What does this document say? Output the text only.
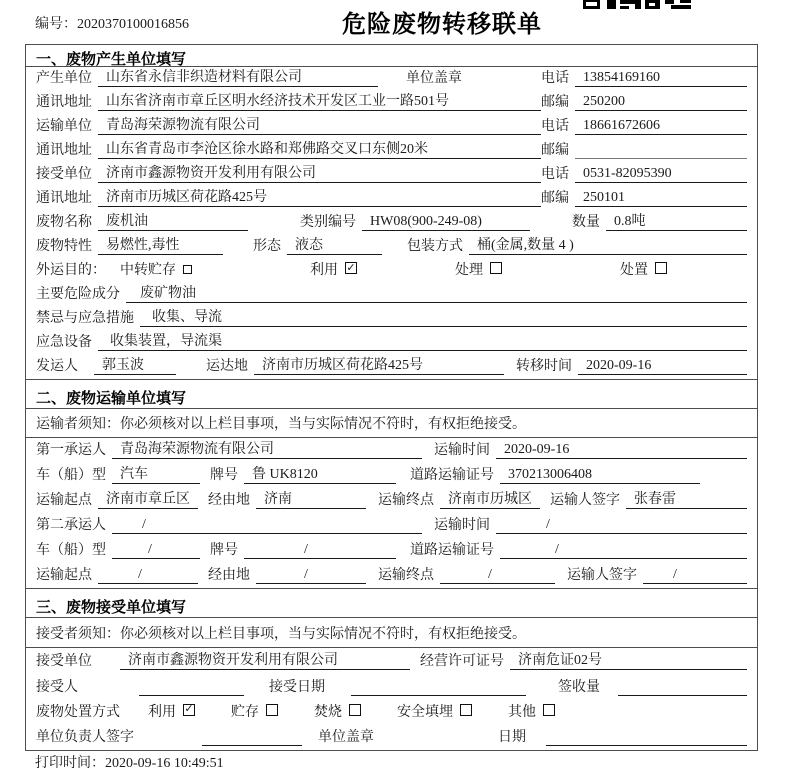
编号：2020370100016856	危险废物转移联单
一、废物产生单位填写
产生单位	山东省永信非织造材料有限公司	单位盖章	电话	13854169160
通讯地址	山东省济南市章丘区明水经济技术开发区工业一路501号	邮编	250200
运输单位	青岛海荣源物流有限公司	电话	18661672606
通讯地址	山东省青岛市李沧区徐水路和郑佛路交叉口东侧20米	邮编
接受单位	济南市鑫源物资开发利用有限公司	电话	0531-82095390
通讯地址	济南市历城区荷花路425号	邮编	250101
废物名称	废机油	类别编号	HW08(900-249-08)	数量	0.8吨
废物特性	易燃性,毒性	形态	液态	包装方式	桶(金属,数量 4 )
外运目的： 中转贮存	利用 ✓	处理	处置
主要危险成分	废矿物油
禁忌与应急措施	收集、导流
应急设备	收集装置，导流渠
发运人	郭玉波	运达地	济南市历城区荷花路425号	转移时间	2020-09-16
二、废物运输单位填写
运输者须知：你必须核对以上栏目事项，当与实际情况不符时，有权拒绝接受。
第一承运人	青岛海荣源物流有限公司	运输时间	2020-09-16
车（船）型	汽车	牌号	鲁 UK8120	道路运输证号	370213006408
运输起点	济南市章丘区	经由地	济南	运输终点	济南市历城区	运输人签字	张春雷
第二承运人	/	运输时间	/
车（船）型	/	牌号	/	道路运输证号	/
运输起点	/	经由地	/	运输终点	/	运输人签字	/
三、废物接受单位填写
接受者须知：你必须核对以上栏目事项，当与实际情况不符时，有权拒绝接受。
接受单位	济南市鑫源物资开发利用有限公司	经营许可证号	济南危证02号
接受人	接受日期	签收量
废物处置方式 利用 ✓	贮存	焚烧	安全填埋	其他
单位负责人签字	单位盖章	日期
打印时间：2020-09-16 10:49:51
